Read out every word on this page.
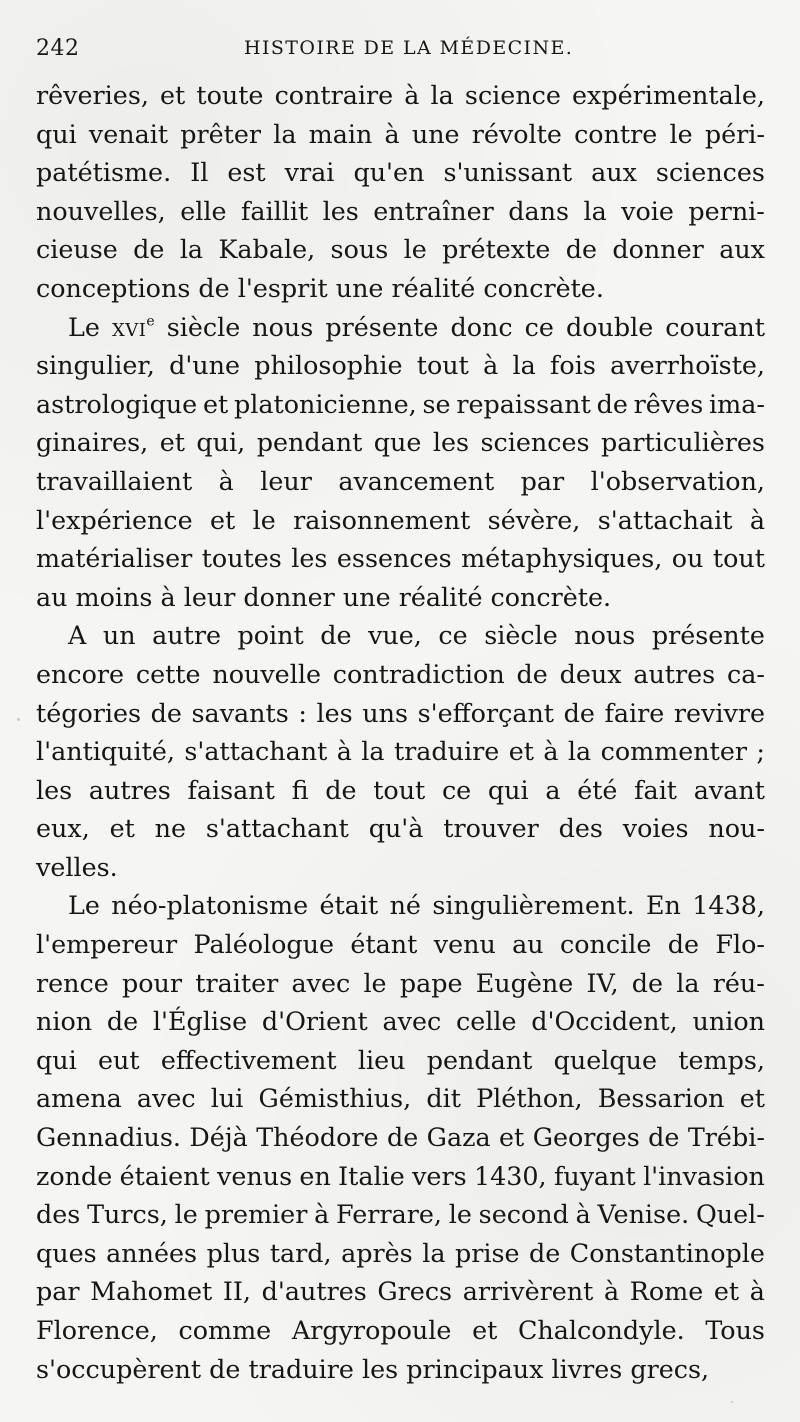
242	HISTOIRE DE LA MÉDECINE.
rêveries, et toute contraire à la science expérimentale,
qui venait prêter la main à une révolte contre le péri-
patétisme. Il est vrai qu'en s'unissant aux sciences
nouvelles, elle faillit les entraîner dans la voie perni-
cieuse de la Kabale, sous le prétexte de donner aux
conceptions de l'esprit une réalité concrète.
Le xvi$^e$ siècle nous présente donc ce double courant
singulier, d'une philosophie tout à la fois averrhoïste,
astrologique et platonicienne, se repaissant de rêves ima-
ginaires, et qui, pendant que les sciences particulières
travaillaient à leur avancement par l'observation,
l'expérience et le raisonnement sévère, s'attachait à
matérialiser toutes les essences métaphysiques, ou tout
au moins à leur donner une réalité concrète.
A un autre point de vue, ce siècle nous présente
encore cette nouvelle contradiction de deux autres ca-
tégories de savants : les uns s'efforçant de faire revivre
l'antiquité, s'attachant à la traduire et à la commenter ;
les autres faisant fi de tout ce qui a été fait avant
eux, et ne s'attachant qu'à trouver des voies nou-
velles.
Le néo-platonisme était né singulièrement. En 1438,
l'empereur Paléologue étant venu au concile de Flo-
rence pour traiter avec le pape Eugène IV, de la réu-
nion de l'Église d'Orient avec celle d'Occident, union
qui eut effectivement lieu pendant quelque temps,
amena avec lui Gémisthius, dit Pléthon, Bessarion et
Gennadius. Déjà Théodore de Gaza et Georges de Trébi-
zonde étaient venus en Italie vers 1430, fuyant l'invasion
des Turcs, le premier à Ferrare, le second à Venise. Quel-
ques années plus tard, après la prise de Constantinople
par Mahomet II, d'autres Grecs arrivèrent à Rome et à
Florence, comme Argyropoule et Chalcondyle. Tous
s'occupèrent de traduire les principaux livres grecs,
